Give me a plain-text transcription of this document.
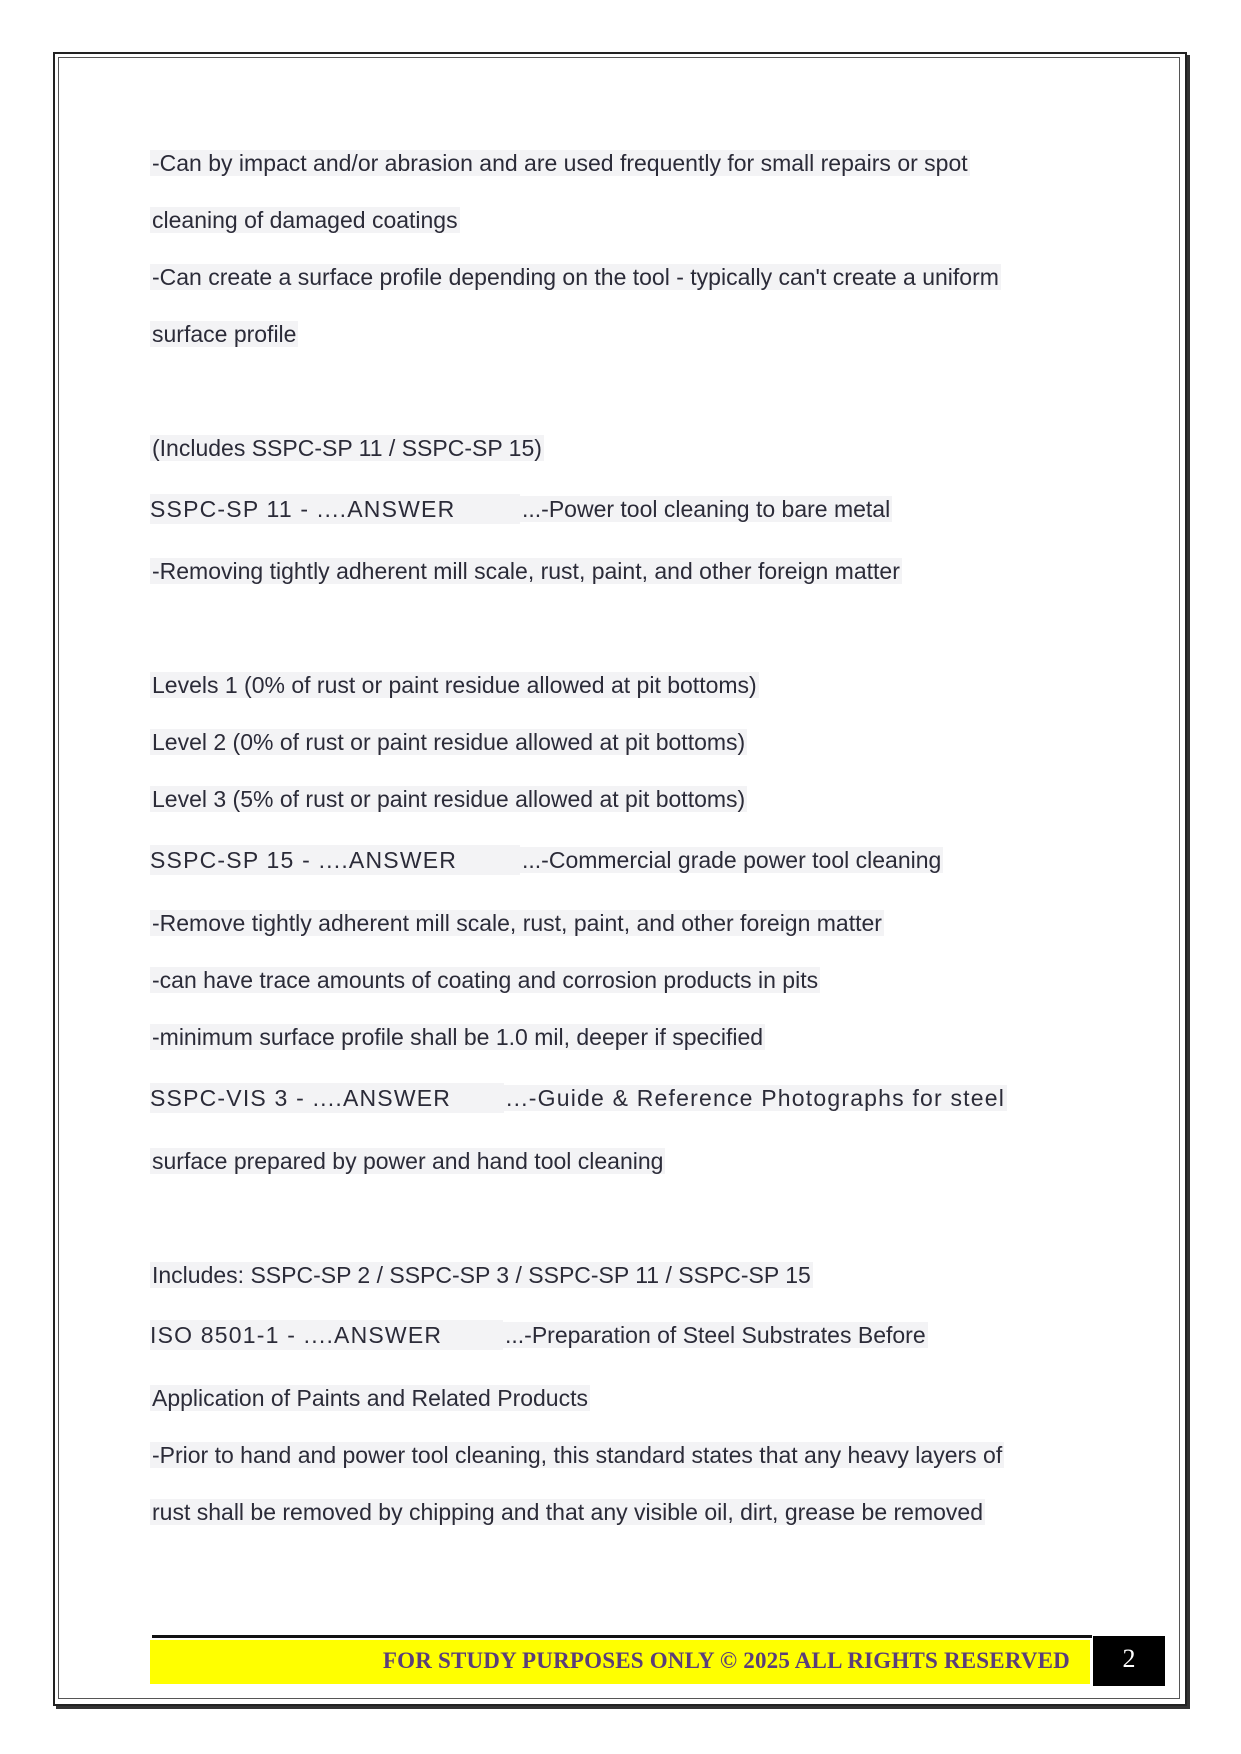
-Can by impact and/or abrasion and are used frequently for small repairs or spot
cleaning of damaged coatings
-Can create a surface profile depending on the tool - typically can't create a uniform
surface profile
(Includes SSPC-SP 11 / SSPC-SP 15)
SSPC-SP 11 - ....ANSWER	...-Power tool cleaning to bare metal
-Removing tightly adherent mill scale, rust, paint, and other foreign matter
Levels 1 (0% of rust or paint residue allowed at pit bottoms)
Level 2 (0% of rust or paint residue allowed at pit bottoms)
Level 3 (5% of rust or paint residue allowed at pit bottoms)
SSPC-SP 15 - ....ANSWER	...-Commercial grade power tool cleaning
-Remove tightly adherent mill scale, rust, paint, and other foreign matter
-can have trace amounts of coating and corrosion products in pits
-minimum surface profile shall be 1.0 mil, deeper if specified
SSPC-VIS 3 - ....ANSWER ...-Guide & Reference Photographs for steel
surface prepared by power and hand tool cleaning
Includes: SSPC-SP 2 / SSPC-SP 3 / SSPC-SP 11 / SSPC-SP 15
ISO 8501-1 - ....ANSWER	...-Preparation of Steel Substrates Before
Application of Paints and Related Products
-Prior to hand and power tool cleaning, this standard states that any heavy layers of
rust shall be removed by chipping and that any visible oil, dirt, grease be removed
FOR STUDY PURPOSES ONLY © 2025 ALL RIGHTS RESERVED	2
